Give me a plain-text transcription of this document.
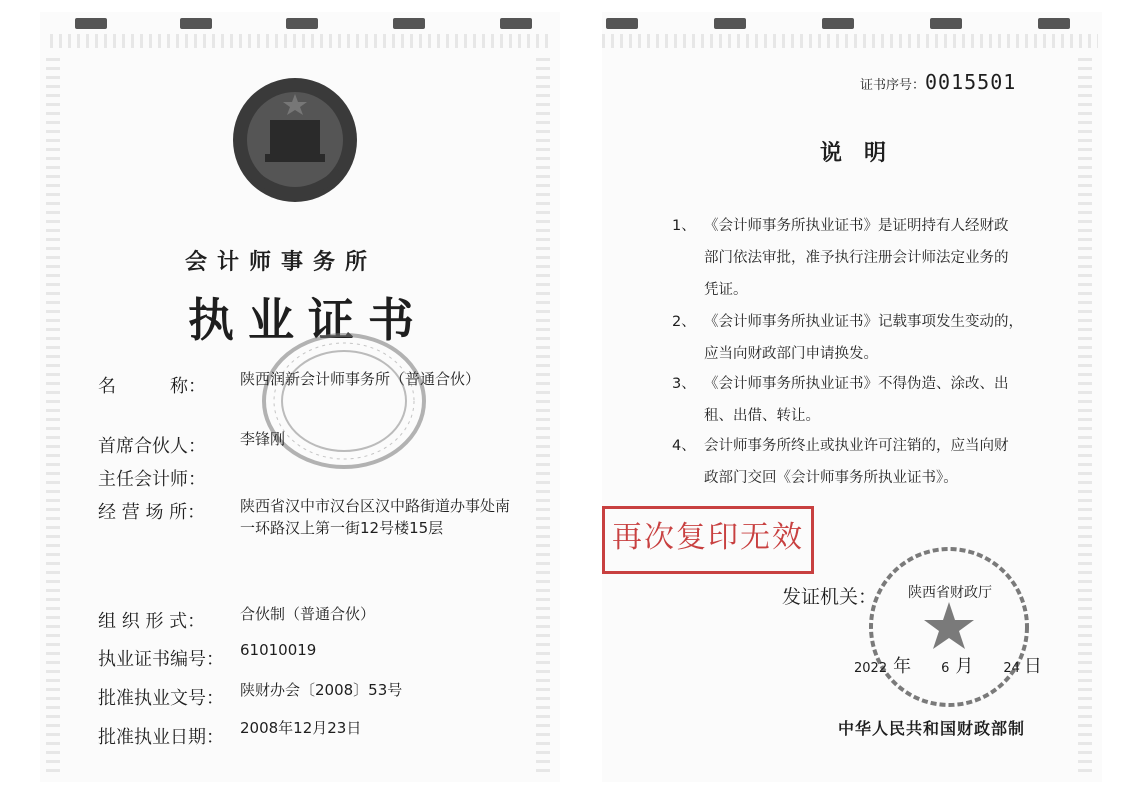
会计师事务所
执业证书
名　　　称： 陕西润新会计师事务所（普通合伙）
首席合伙人： 李锋刚
主任会计师：
经 营 场 所： 陕西省汉中市汉台区汉中路街道办事处南
一环路汉上第一街12号楼15层
组 织 形 式： 合伙制（普通合伙）
执业证书编号： 61010019
批准执业文号： 陕财办会〔2008〕53号
批准执业日期： 2008年12月23日
证书序号：0015501
说明
1、 《会计师事务所执业证书》是证明持有人经财政
部门依法审批，准予执行注册会计师法定业务的
凭证。
2、 《会计师事务所执业证书》记载事项发生变动的，
应当向财政部门申请换发。
3、 《会计师事务所执业证书》不得伪造、涂改、出
租、出借、转让。
4、 会计师事务所终止或执业许可注销的，应当向财
政部门交回《会计师事务所执业证书》。
再次复印无效
发证机关： 陕西省财政厅
2022 年 6 月 24 日
中华人民共和国财政部制
